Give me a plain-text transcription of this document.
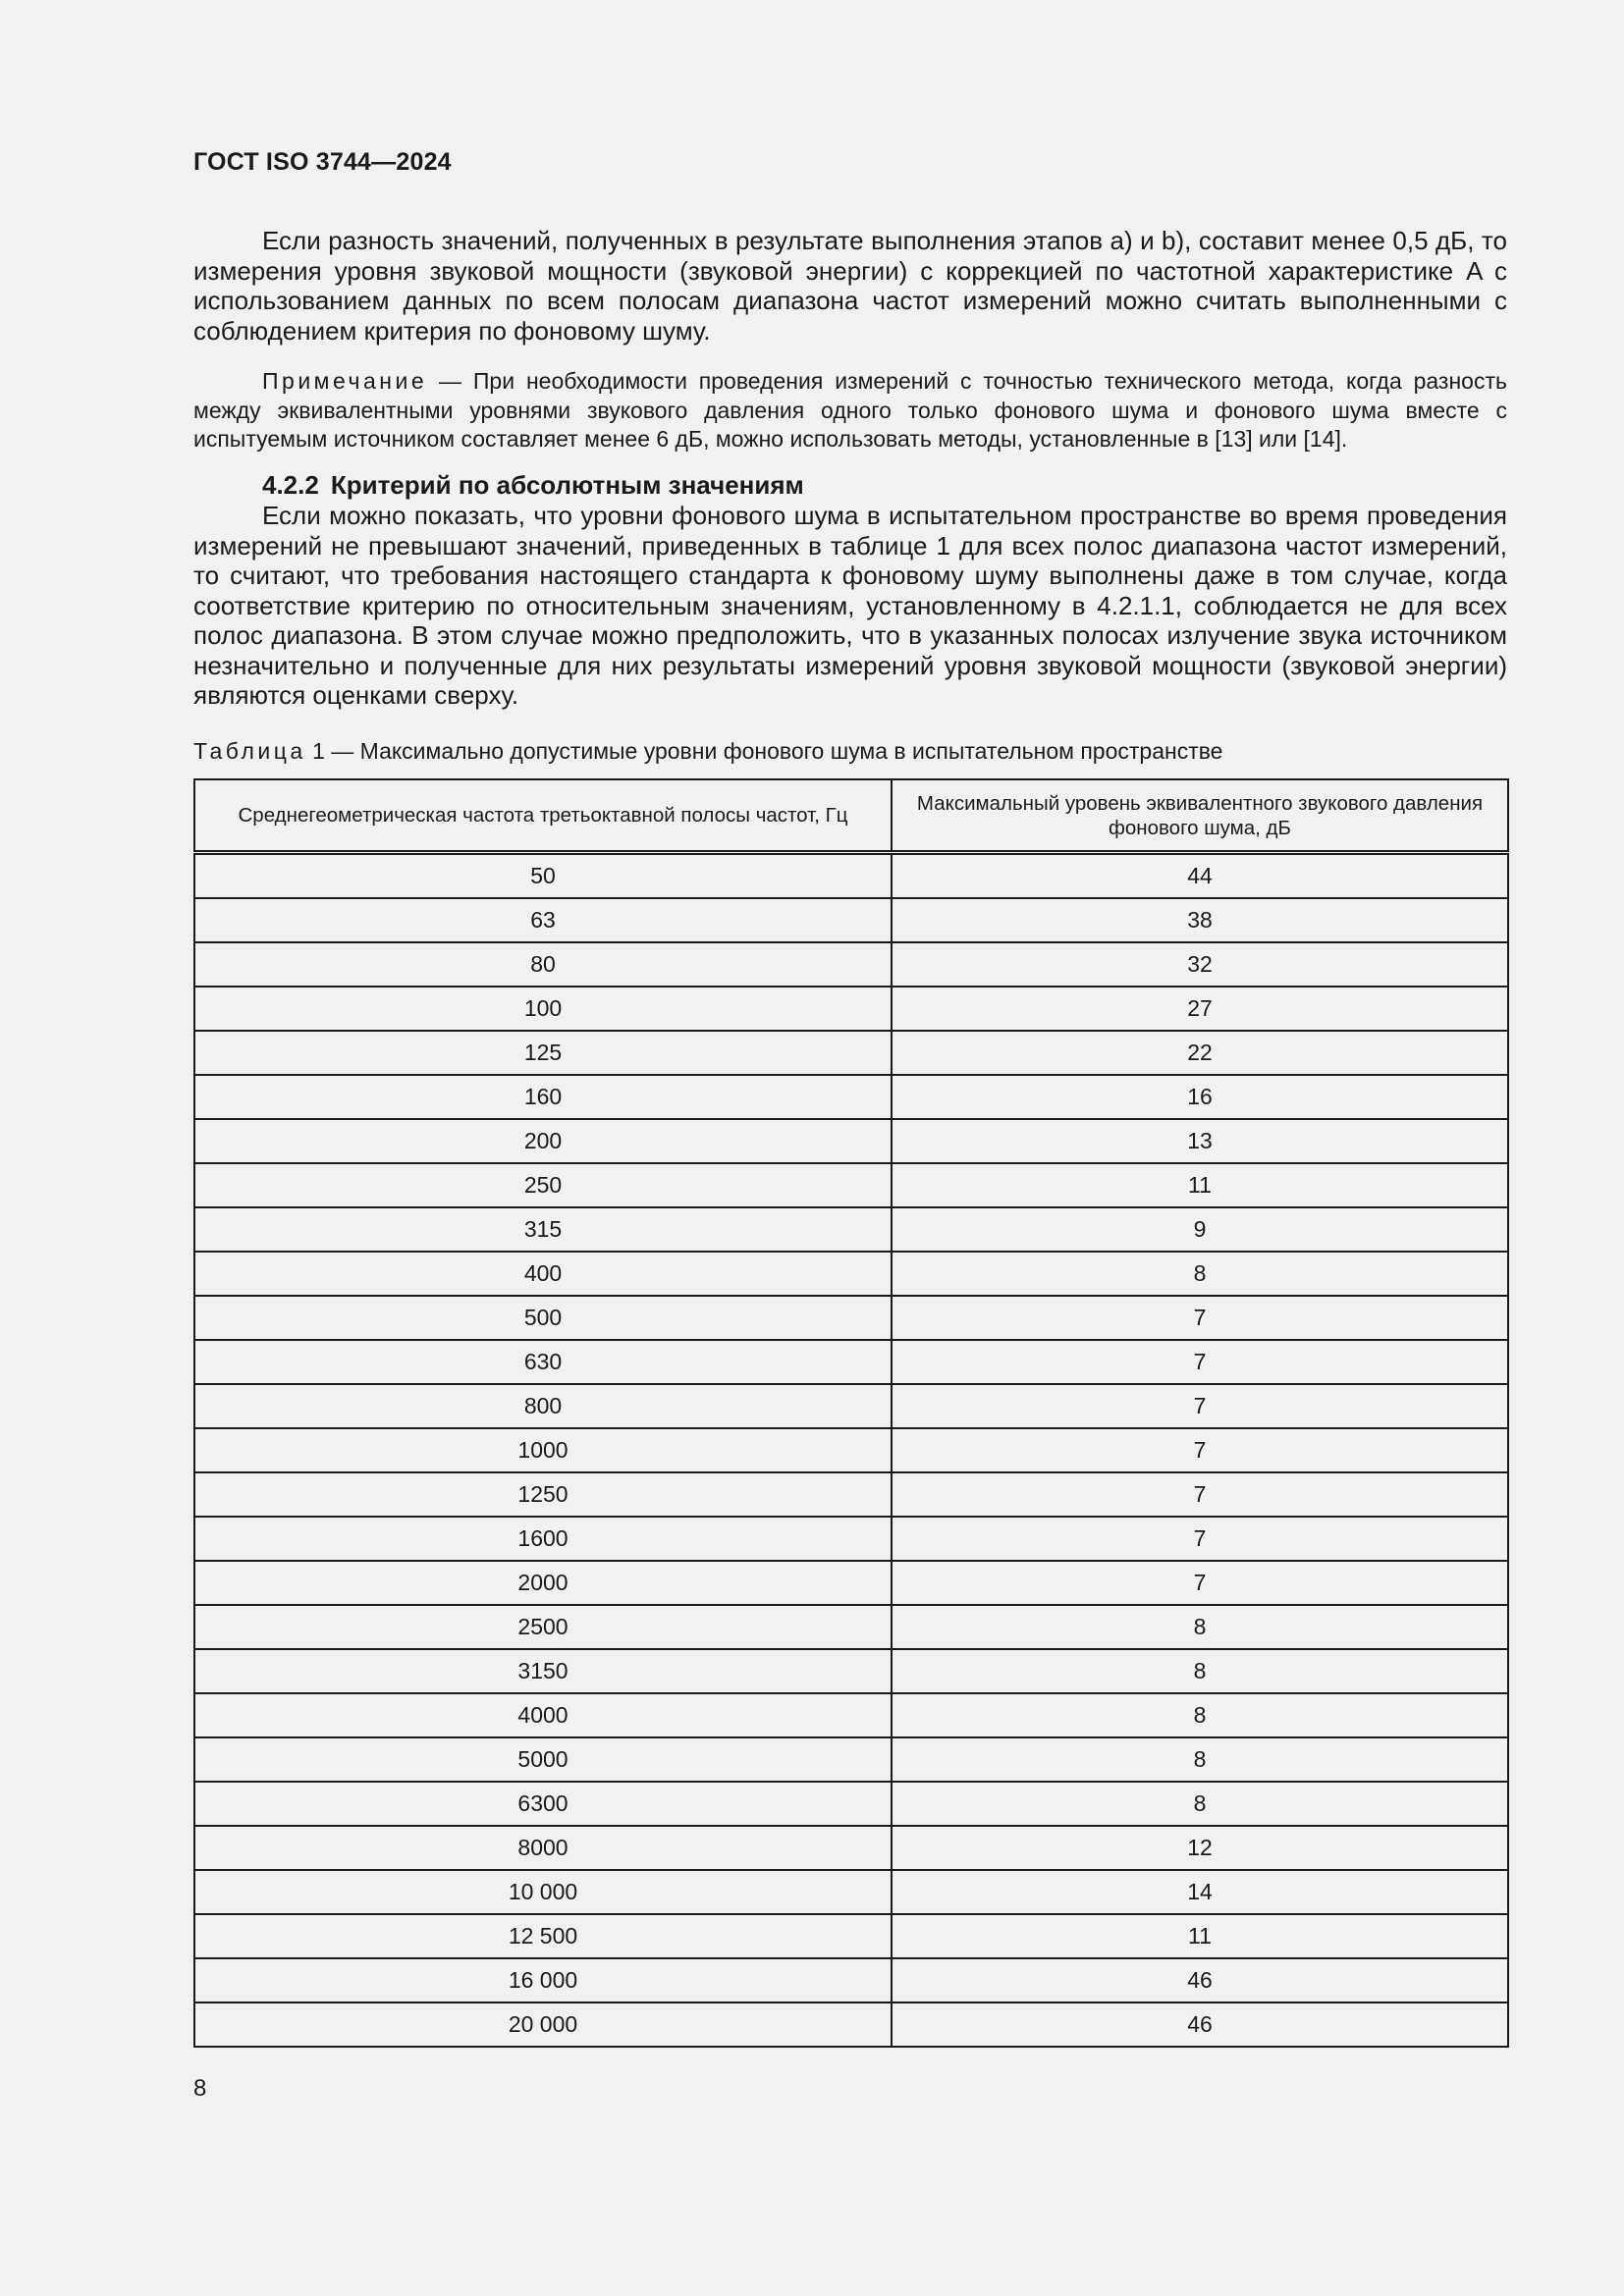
ГОСТ ISO 3744—2024

Если разность значений, полученных в результате выполнения этапов a) и b), составит менее 0,5 дБ, то измерения уровня звуковой мощности (звуковой энергии) с коррекцией по частотной характеристике A с использованием данных по всем полосам диапазона частот измерений можно считать выполненными с соблюдением критерия по фоновому шуму.

Примечание — При необходимости проведения измерений с точностью технического метода, когда разность между эквивалентными уровнями звукового давления одного только фонового шума и фонового шума вместе с испытуемым источником составляет менее 6 дБ, можно использовать методы, установленные в [13] или [14].

4.2.2 Критерий по абсолютным значениям

Если можно показать, что уровни фонового шума в испытательном пространстве во время проведения измерений не превышают значений, приведенных в таблице 1 для всех полос диапазона частот измерений, то считают, что требования настоящего стандарта к фоновому шуму выполнены даже в том случае, когда соответствие критерию по относительным значениям, установленному в 4.2.1.1, соблюдается не для всех полос диапазона. В этом случае можно предположить, что в указанных полосах излучение звука источником незначительно и полученные для них результаты измерений уровня звуковой мощности (звуковой энергии) являются оценками сверху.

Таблица 1 — Максимально допустимые уровни фонового шума в испытательном пространстве
Среднегеометрическая частота третьоктавной полосы частот, Гц	Максимальный уровень эквивалентного звукового давления фонового шума, дБ
50	44
63	38
80	32
100	27
125	22
160	16
200	13
250	11
315	9
400	8
500	7
630	7
800	7
1000	7
1250	7
1600	7
2000	7
2500	8
3150	8
4000	8
5000	8
6300	8
8000	12
10 000	14
12 500	11
16 000	46
20 000	46
8
